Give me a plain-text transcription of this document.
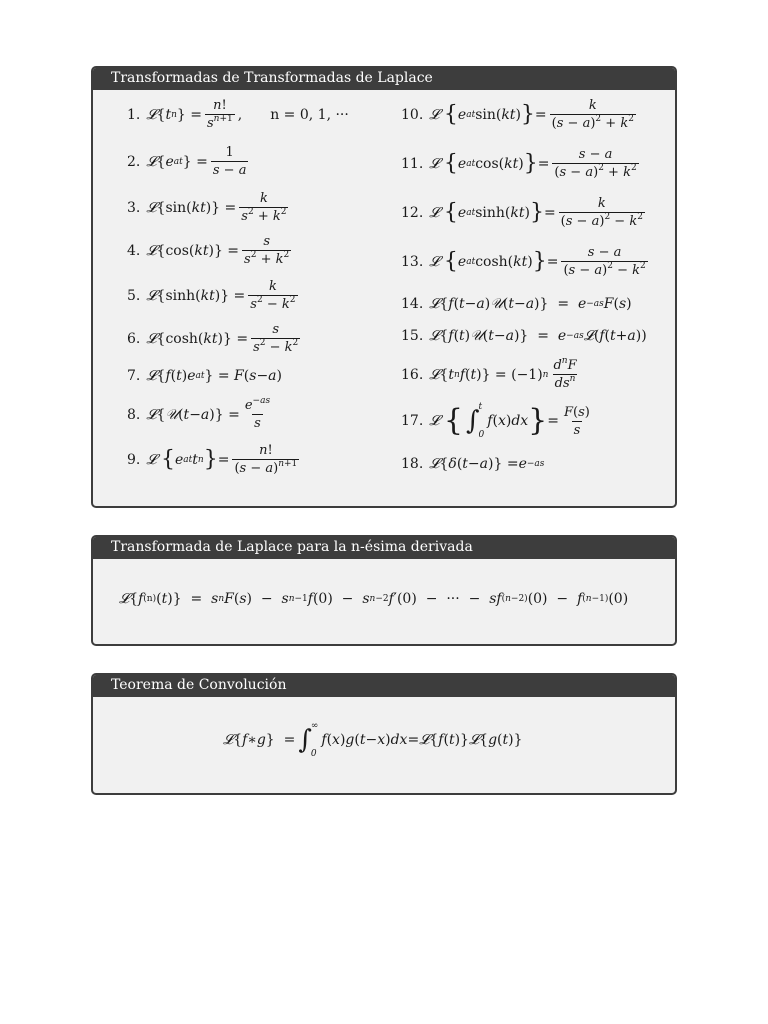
Transformadas de Transformadas de Laplace
1. 𝓛 { t n } = $\frac{n!}{s^{n+1}}$ , n = 0, 1, ···
2. 𝓛 { e at } = $\frac{1}{s - a}$
3. 𝓛 {sin( kt )} = $\frac{k}{s^2 + k^2}$
4. 𝓛 {cos( kt )} = $\frac{s}{s^2 + k^2}$
5. 𝓛 {sinh( kt )} = $\frac{k}{s^2 - k^2}$
6. 𝓛 {cosh( kt )} = $\frac{s}{s^2 - k^2}$
7. 𝓛 { f ( t ) e at } = F ( s − a )
8. 𝓛 { 𝒰 ( t − a )} = $\frac{e^{-as}}{s}$
9. 𝓛
{ e at t n } = $\frac{n!}{(s - a)^{n+1}}$
10. 𝓛
{ e at sin( kt ) } = $\frac{k}{(s - a)^2 + k^2}$
11. 𝓛
{ e at cos( kt ) } = $\frac{s - a}{(s - a)^2 + k^2}$
12. 𝓛
{ e at sinh( kt ) } = $\frac{k}{(s - a)^2 - k^2}$
13. 𝓛
{ e at cosh( kt ) } = $\frac{s - a}{(s - a)^2 - k^2}$
14. 𝓛 { f ( t − a ) 𝒰 ( t − a )}  = e −as F ( s )
15. 𝓛 { f ( t ) 𝒰 ( t − a )}  = e −as 𝓛 ( f ( t + a ))
16. 𝓛 { t n f ( t )} = (−1) n $\frac{d^nF}{ds^n}$
17. 𝓛
{ ∫ t
0
f ( x ) dx } = $\frac{F(s)}{s}$
18. 𝓛 { δ ( t − a )} = e −as
Transformada de Laplace para la n-ésima derivada
𝓛 { f (n) ( t )}  = s n F ( s )  − s n−1 f (0)  − s n−2 f ′(0)  −  ···  − sf (n−2) (0)  − f (n−1) (0)
Teorema de Convolución
𝓛 { f ∗ g }  = ∫ ∞
0
f ( x ) g ( t − x ) dx = 𝓛 { f ( t )} 𝓛 { g ( t )}
